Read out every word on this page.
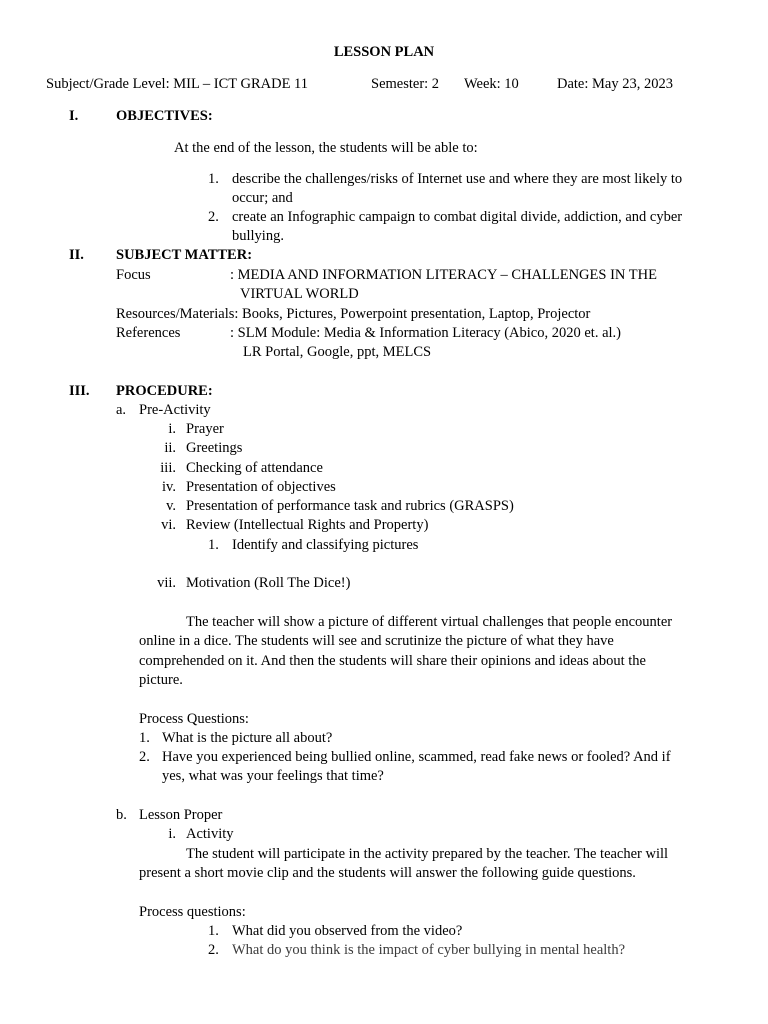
LESSON PLAN
Subject/Grade Level: MIL – ICT GRADE 11	Semester: 2 Week: 10	Date: May 23, 2023
I.	OBJECTIVES:
At the end of the lesson, the students will be able to:
1. describe the challenges/risks of Internet use and where they are most likely to
occur; and
2. create an Infographic campaign to combat digital divide, addiction, and cyber
bullying.
II. SUBJECT MATTER:
Focus	: MEDIA AND INFORMATION LITERACY – CHALLENGES IN THE
VIRTUAL WORLD
Resources/Materials: Books, Pictures, Powerpoint presentation, Laptop, Projector
References	: SLM Module: Media & Information Literacy (Abico, 2020 et. al.)
LR Portal, Google, ppt, MELCS
III. PROCEDURE:
a. Pre-Activity
i. Prayer
ii. Greetings
iii. Checking of attendance
iv. Presentation of objectives
v. Presentation of performance task and rubrics (GRASPS)
vi. Review (Intellectual Rights and Property)
1. Identify and classifying pictures
vii. Motivation (Roll The Dice!)
The teacher will show a picture of different virtual challenges that people encounter
online in a dice. The students will see and scrutinize the picture of what they have
comprehended on it. And then the students will share their opinions and ideas about the
picture.
Process Questions:
1. What is the picture all about?
2. Have you experienced being bullied online, scammed, read fake news or fooled? And if
yes, what was your feelings that time?
b. Lesson Proper
i. Activity
The student will participate in the activity prepared by the teacher. The teacher will
present a short movie clip and the students will answer the following guide questions.
Process questions:
1. What did you observed from the video?
2. What do you think is the impact of cyber bullying in mental health?
